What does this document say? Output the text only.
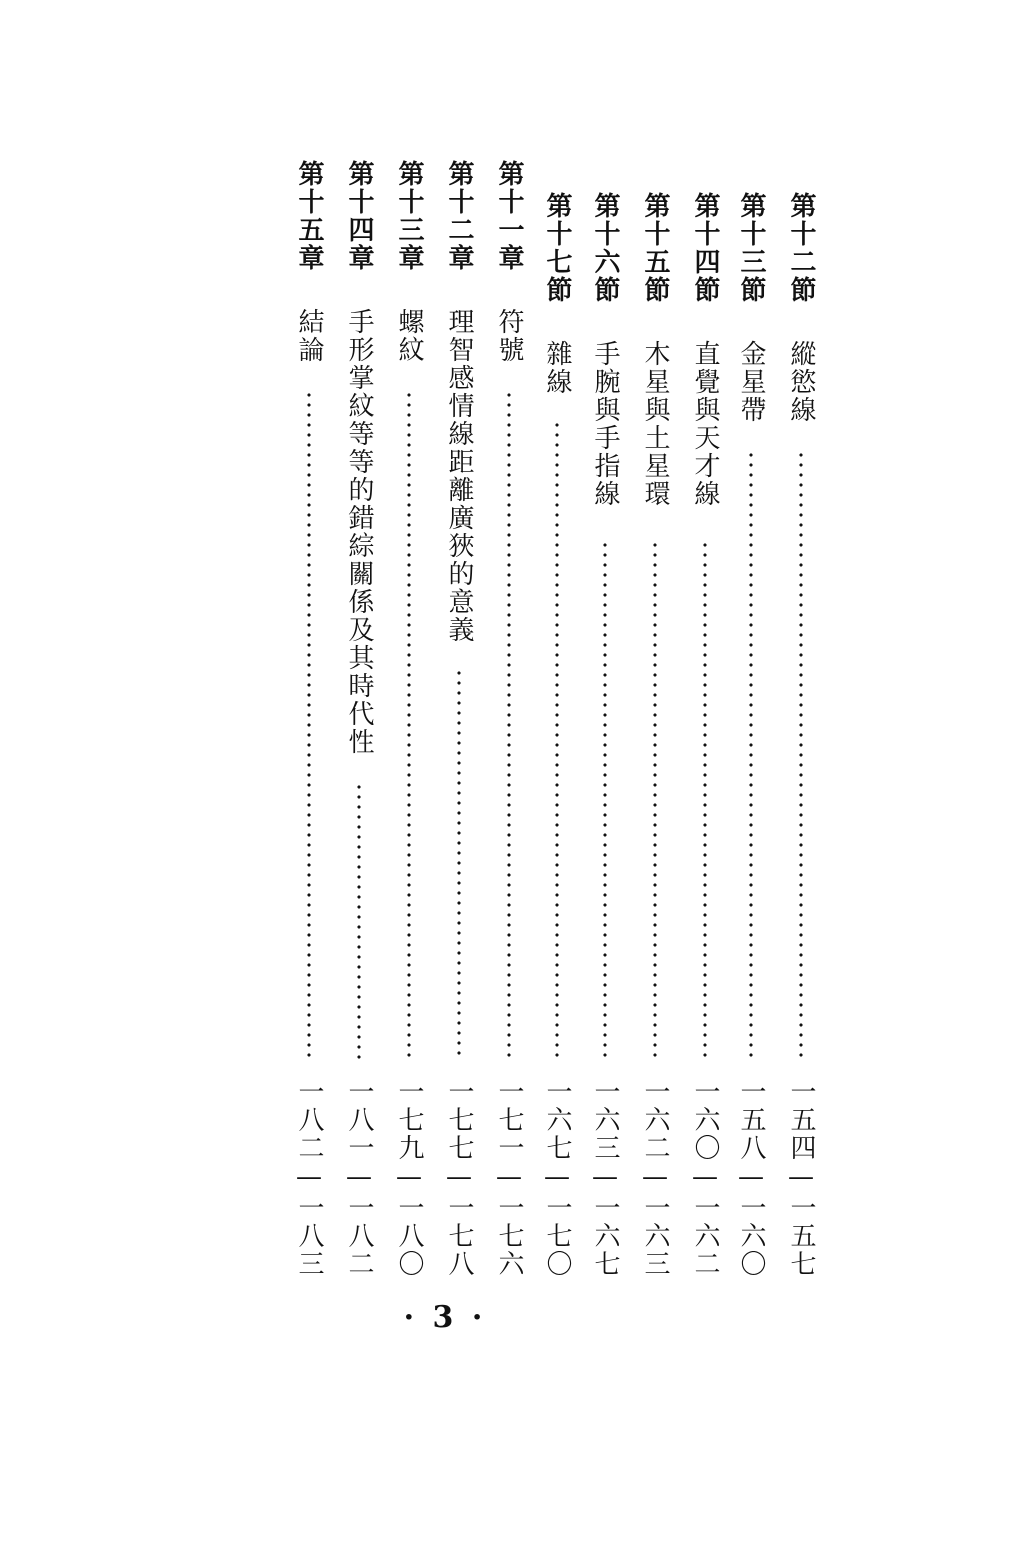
第十二節
縱慾線
一五四—一五七
第十三節
金星帶
一五八—一六〇
第十四節
直覺與天才線
一六〇—一六二
第十五節
木星與土星環
一六二—一六三
第十六節
手腕與手指線
一六三—一六七
第十七節
雜線
一六七—一七〇
第十一章
符號
一七一—一七六
第十二章
理智感情線距離廣狹的意義
一七七—一七八
第十三章
螺紋
一七九—一八〇
第十四章
手形掌紋等等的錯綜關係及其時代性
一八一—一八二
第十五章
結論
一八二—一八三
· 3 ·
